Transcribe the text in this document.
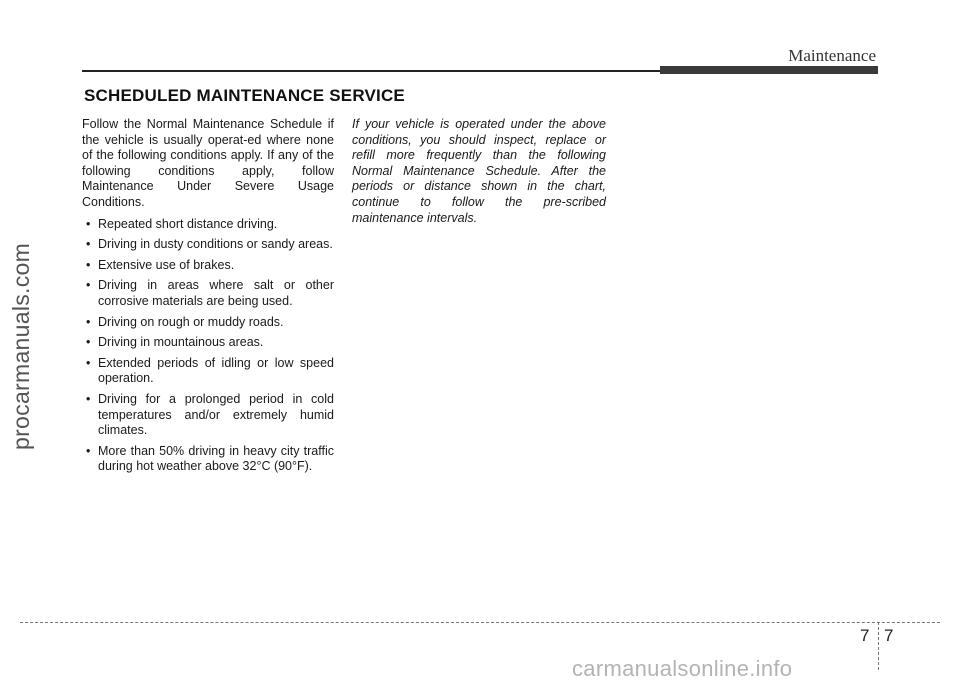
Maintenance
SCHEDULED MAINTENANCE SERVICE

Follow the Normal Maintenance Schedule if the vehicle is usually operat-ed where none of the following conditions apply. If any of the following conditions apply, follow Maintenance Under Severe Usage Conditions.

• Repeated short distance driving.
• Driving in dusty conditions or sandy areas.
• Extensive use of brakes.
• Driving in areas where salt or other corrosive materials are being used.
• Driving on rough or muddy roads.
• Driving in mountainous areas.
• Extended periods of idling or low speed operation.
• Driving for a prolonged period in cold temperatures and/or extremely humid climates.
• More than 50% driving in heavy city traffic during hot weather above 32°C (90°F).
If your vehicle is operated under the above conditions, you should inspect, replace or refill more frequently than the following Normal Maintenance Schedule. After the periods or distance shown in the chart, continue to follow the pre-scribed maintenance intervals.
procarmanuals.com
7 7
carmanualsonline.info
